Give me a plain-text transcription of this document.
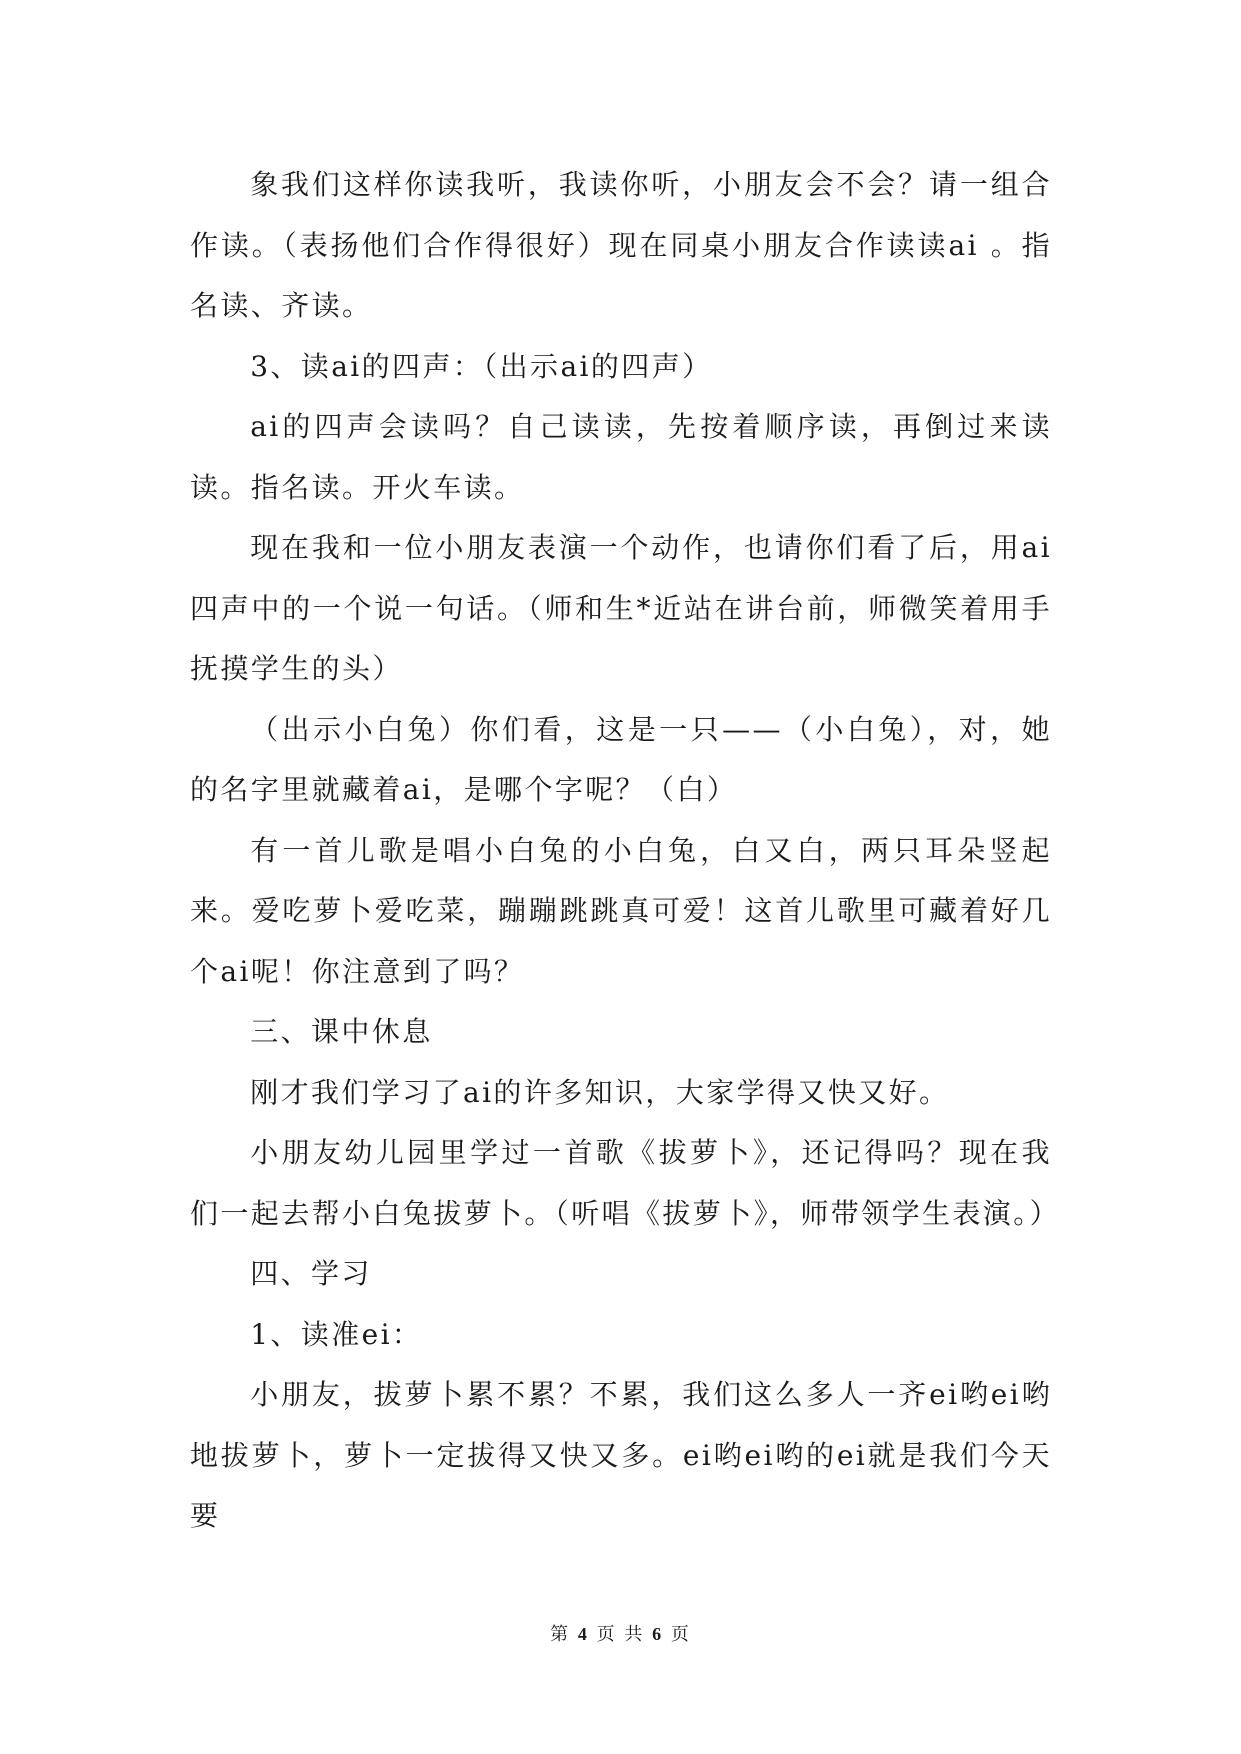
象我们这样你读我听，我读你听，小朋友会不会？请一组合作读。（表扬他们合作得很好）现在同桌小朋友合作读读ai 。指名读、齐读。

3、读ai的四声：（出示ai的四声）

ai的四声会读吗？自己读读，先按着顺序读，再倒过来读读。指名读。开火车读。

现在我和一位小朋友表演一个动作，也请你们看了后，用ai四声中的一个说一句话。（师和生*近站在讲台前，师微笑着用手抚摸学生的头）

（出示小白兔）你们看，这是一只——（小白兔），对，她的名字里就藏着ai，是哪个字呢？（白）

有一首儿歌是唱小白兔的小白兔，白又白，两只耳朵竖起来。爱吃萝卜爱吃菜，蹦蹦跳跳真可爱！这首儿歌里可藏着好几个ai呢！你注意到了吗？

三、课中休息

刚才我们学习了ai的许多知识，大家学得又快又好。

小朋友幼儿园里学过一首歌《拔萝卜》，还记得吗？现在我们一起去帮小白兔拔萝卜。（听唱《拔萝卜》，师带领学生表演。）

四、学习

1、读准ei：

小朋友，拔萝卜累不累？不累，我们这么多人一齐ei哟ei哟地拔萝卜，萝卜一定拔得又快又多。ei哟ei哟的ei就是我们今天要

第 4 页 共 6 页
